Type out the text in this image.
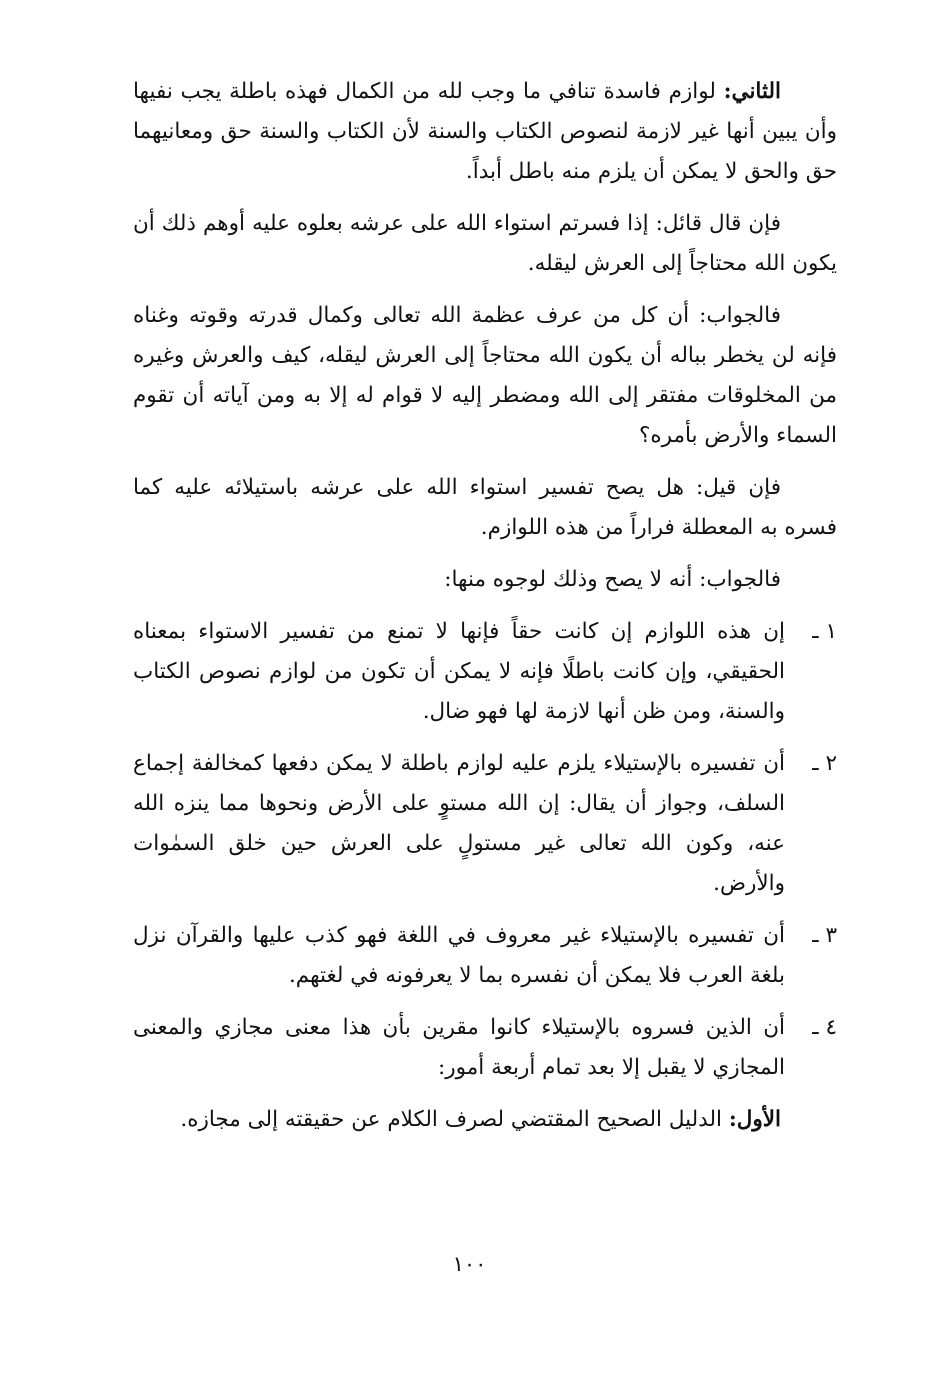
الثاني: لوازم فاسدة تنافي ما وجب لله من الكمال فهذه باطلة يجب نفيها وأن يبين أنها غير لازمة لنصوص الكتاب والسنة لأن الكتاب والسنة حق ومعانيهما حق والحق لا يمكن أن يلزم منه باطل أبداً.

فإن قال قائل: إذا فسرتم استواء الله على عرشه بعلوه عليه أوهم ذلك أن يكون الله محتاجاً إلى العرش ليقله.

فالجواب: أن كل من عرف عظمة الله تعالى وكمال قدرته وقوته وغناه فإنه لن يخطر بباله أن يكون الله محتاجاً إلى العرش ليقله، كيف والعرش وغيره من المخلوقات مفتقر إلى الله ومضطر إليه لا قوام له إلا به ومن آياته أن تقوم السماء والأرض بأمره؟

فإن قيل: هل يصح تفسير استواء الله على عرشه باستيلائه عليه كما فسره به المعطلة فراراً من هذه اللوازم.

فالجواب: أنه لا يصح وذلك لوجوه منها:

١ ـ
إن هذه اللوازم إن كانت حقاً فإنها لا تمنع من تفسير الاستواء بمعناه الحقيقي، وإن كانت باطلًا فإنه لا يمكن أن تكون من لوازم نصوص الكتاب والسنة، ومن ظن أنها لازمة لها فهو ضال.
٢ ـ
أن تفسيره بالإستيلاء يلزم عليه لوازم باطلة لا يمكن دفعها كمخالفة إجماع السلف، وجواز أن يقال: إن الله مستوٍ على الأرض ونحوها مما ينزه الله عنه، وكون الله تعالى غير مستولٍ على العرش حين خلق السمٰوات والأرض.
٣ ـ
أن تفسيره بالإستيلاء غير معروف في اللغة فهو كذب عليها والقرآن نزل بلغة العرب فلا يمكن أن نفسره بما لا يعرفونه في لغتهم.
٤ ـ
أن الذين فسروه بالإستيلاء كانوا مقرين بأن هذا معنى مجازي والمعنى المجازي لا يقبل إلا بعد تمام أربعة أمور:

الأول: الدليل الصحيح المقتضي لصرف الكلام عن حقيقته إلى مجازه.

١٠٠
